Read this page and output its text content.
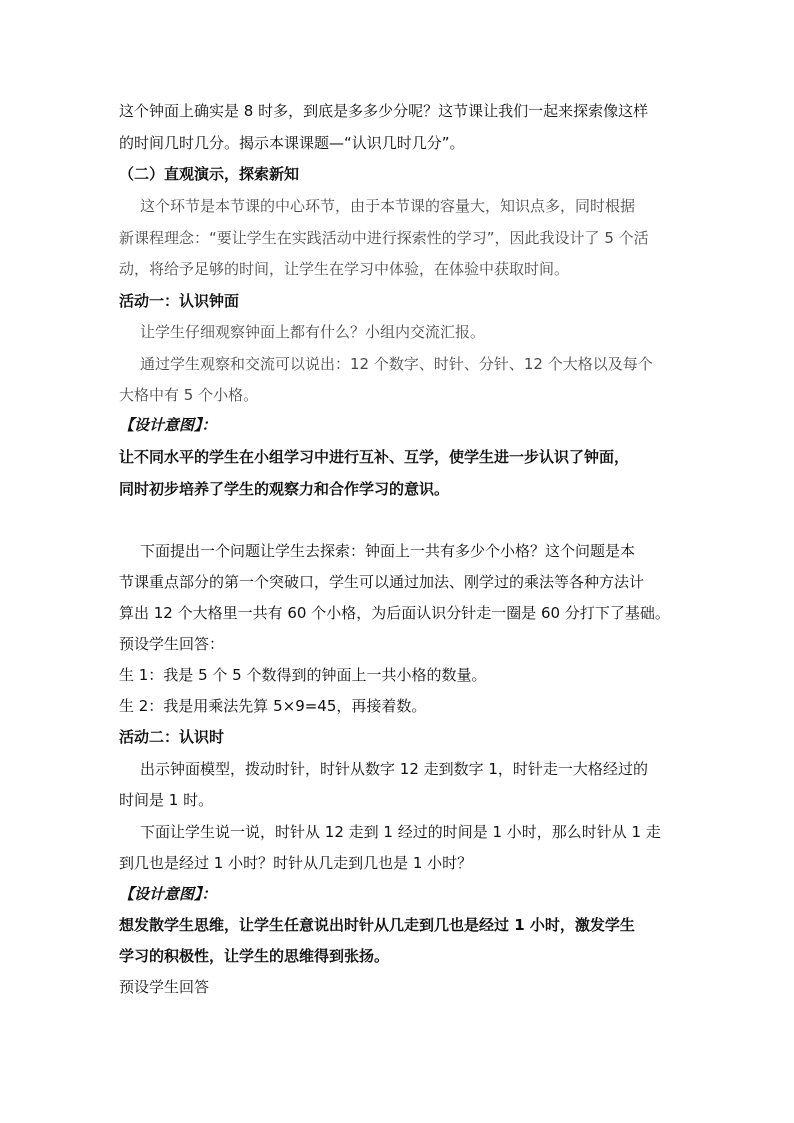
这个钟面上确实是 8 时多，到底是多多少分呢？这节课让我们一起来探索像这样
的时间几时几分。揭示本课课题—“认识几时几分”。
（二）直观演示，探索新知
这个环节是本节课的中心环节，由于本节课的容量大，知识点多，同时根据
新课程理念：“要让学生在实践活动中进行探索性的学习”，因此我设计了 5 个活
动，将给予足够的时间，让学生在学习中体验，在体验中获取时间。
活动一：认识钟面
让学生仔细观察钟面上都有什么？小组内交流汇报。
通过学生观察和交流可以说出：12 个数字、时针、分针、12 个大格以及每个
大格中有 5 个小格。
【设计意图】：
让不同水平的学生在小组学习中进行互补、互学，使学生进一步认识了钟面，
同时初步培养了学生的观察力和合作学习的意识。
下面提出一个问题让学生去探索：钟面上一共有多少个小格？这个问题是本
节课重点部分的第一个突破口，学生可以通过加法、刚学过的乘法等各种方法计
算出 12 个大格里一共有 60 个小格，为后面认识分针走一圈是 60 分打下了基础。
预设学生回答：
生 1：我是 5 个 5 个数得到的钟面上一共小格的数量。
生 2：我是用乘法先算 5×9=45，再接着数。
活动二：认识时
出示钟面模型，拨动时针，时针从数字 12 走到数字 1，时针走一大格经过的
时间是 1 时。
下面让学生说一说，时针从 12 走到 1 经过的时间是 1 小时，那么时针从 1 走
到几也是经过 1 小时？时针从几走到几也是 1 小时？
【设计意图】：
想发散学生思维，让学生任意说出时针从几走到几也是经过 1 小时，激发学生
学习的积极性，让学生的思维得到张扬。
预设学生回答
